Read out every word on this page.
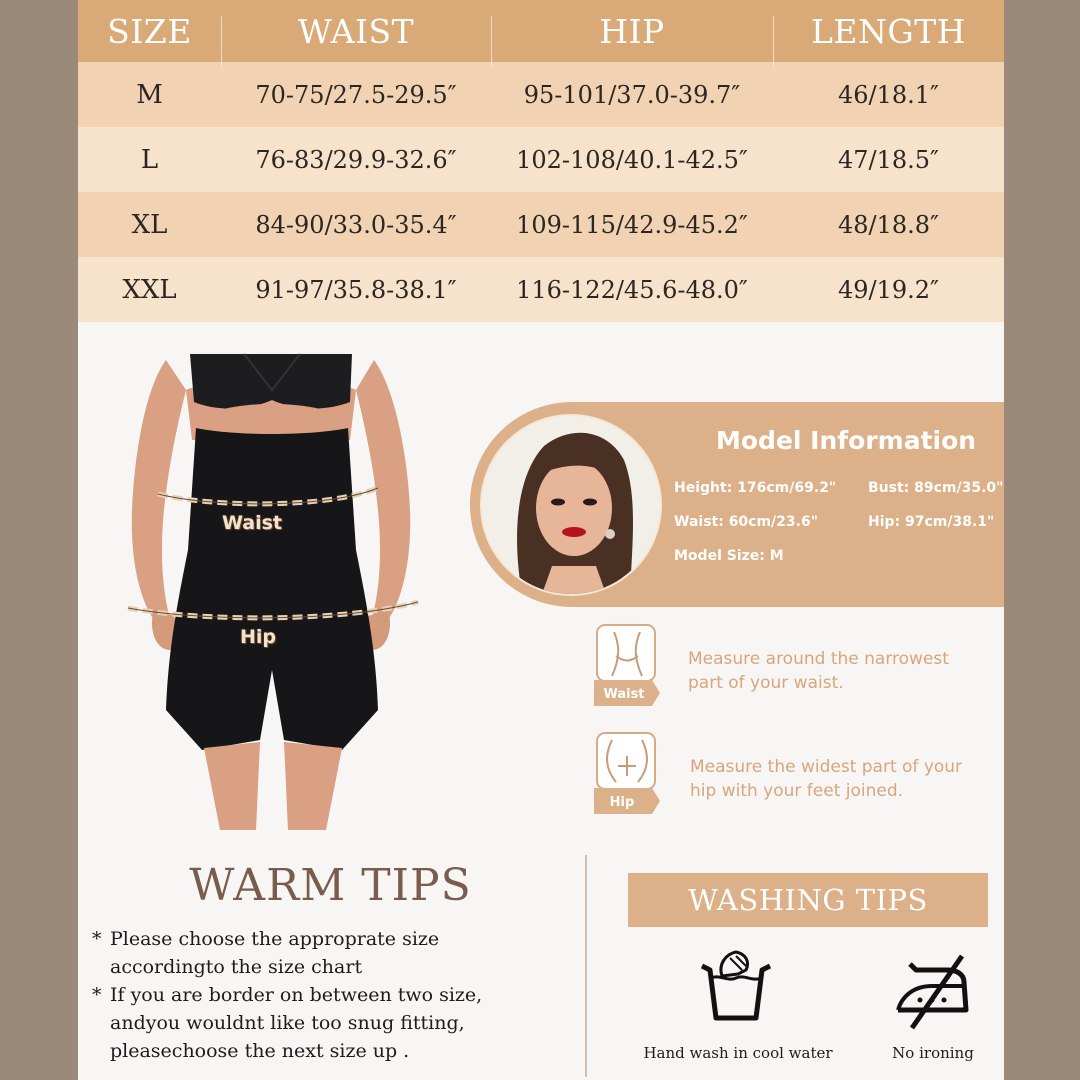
SIZE	WAIST	HIP	LENGTH
M	70-75/27.5-29.5″	95-101/37.0-39.7″	46/18.1″
L	76-83/29.9-32.6″	102-108/40.1-42.5″	47/18.5″
XL	84-90/33.0-35.4″	109-115/42.9-45.2″	48/18.8″
XXL	91-97/35.8-38.1″	116-122/45.6-48.0″	49/19.2″
Waist
Hip
Model Information
Height: 176cm/69.2" Bust: 89cm/35.0"
Waist: 60cm/23.6"	Hip: 97cm/38.1"
Model Size: M
Waist
Measure around the narrowest
part of your waist.
Hip
Measure the widest part of your
hip with your feet joined.
WARM TIPS
* Please choose the approprate size
accordingto the size chart
* If you are border on between two size,
andyou wouldnt like too snug fitting,
pleasechoose the next size up .
WASHING TIPS
Hand wash in cool water	No ironing
